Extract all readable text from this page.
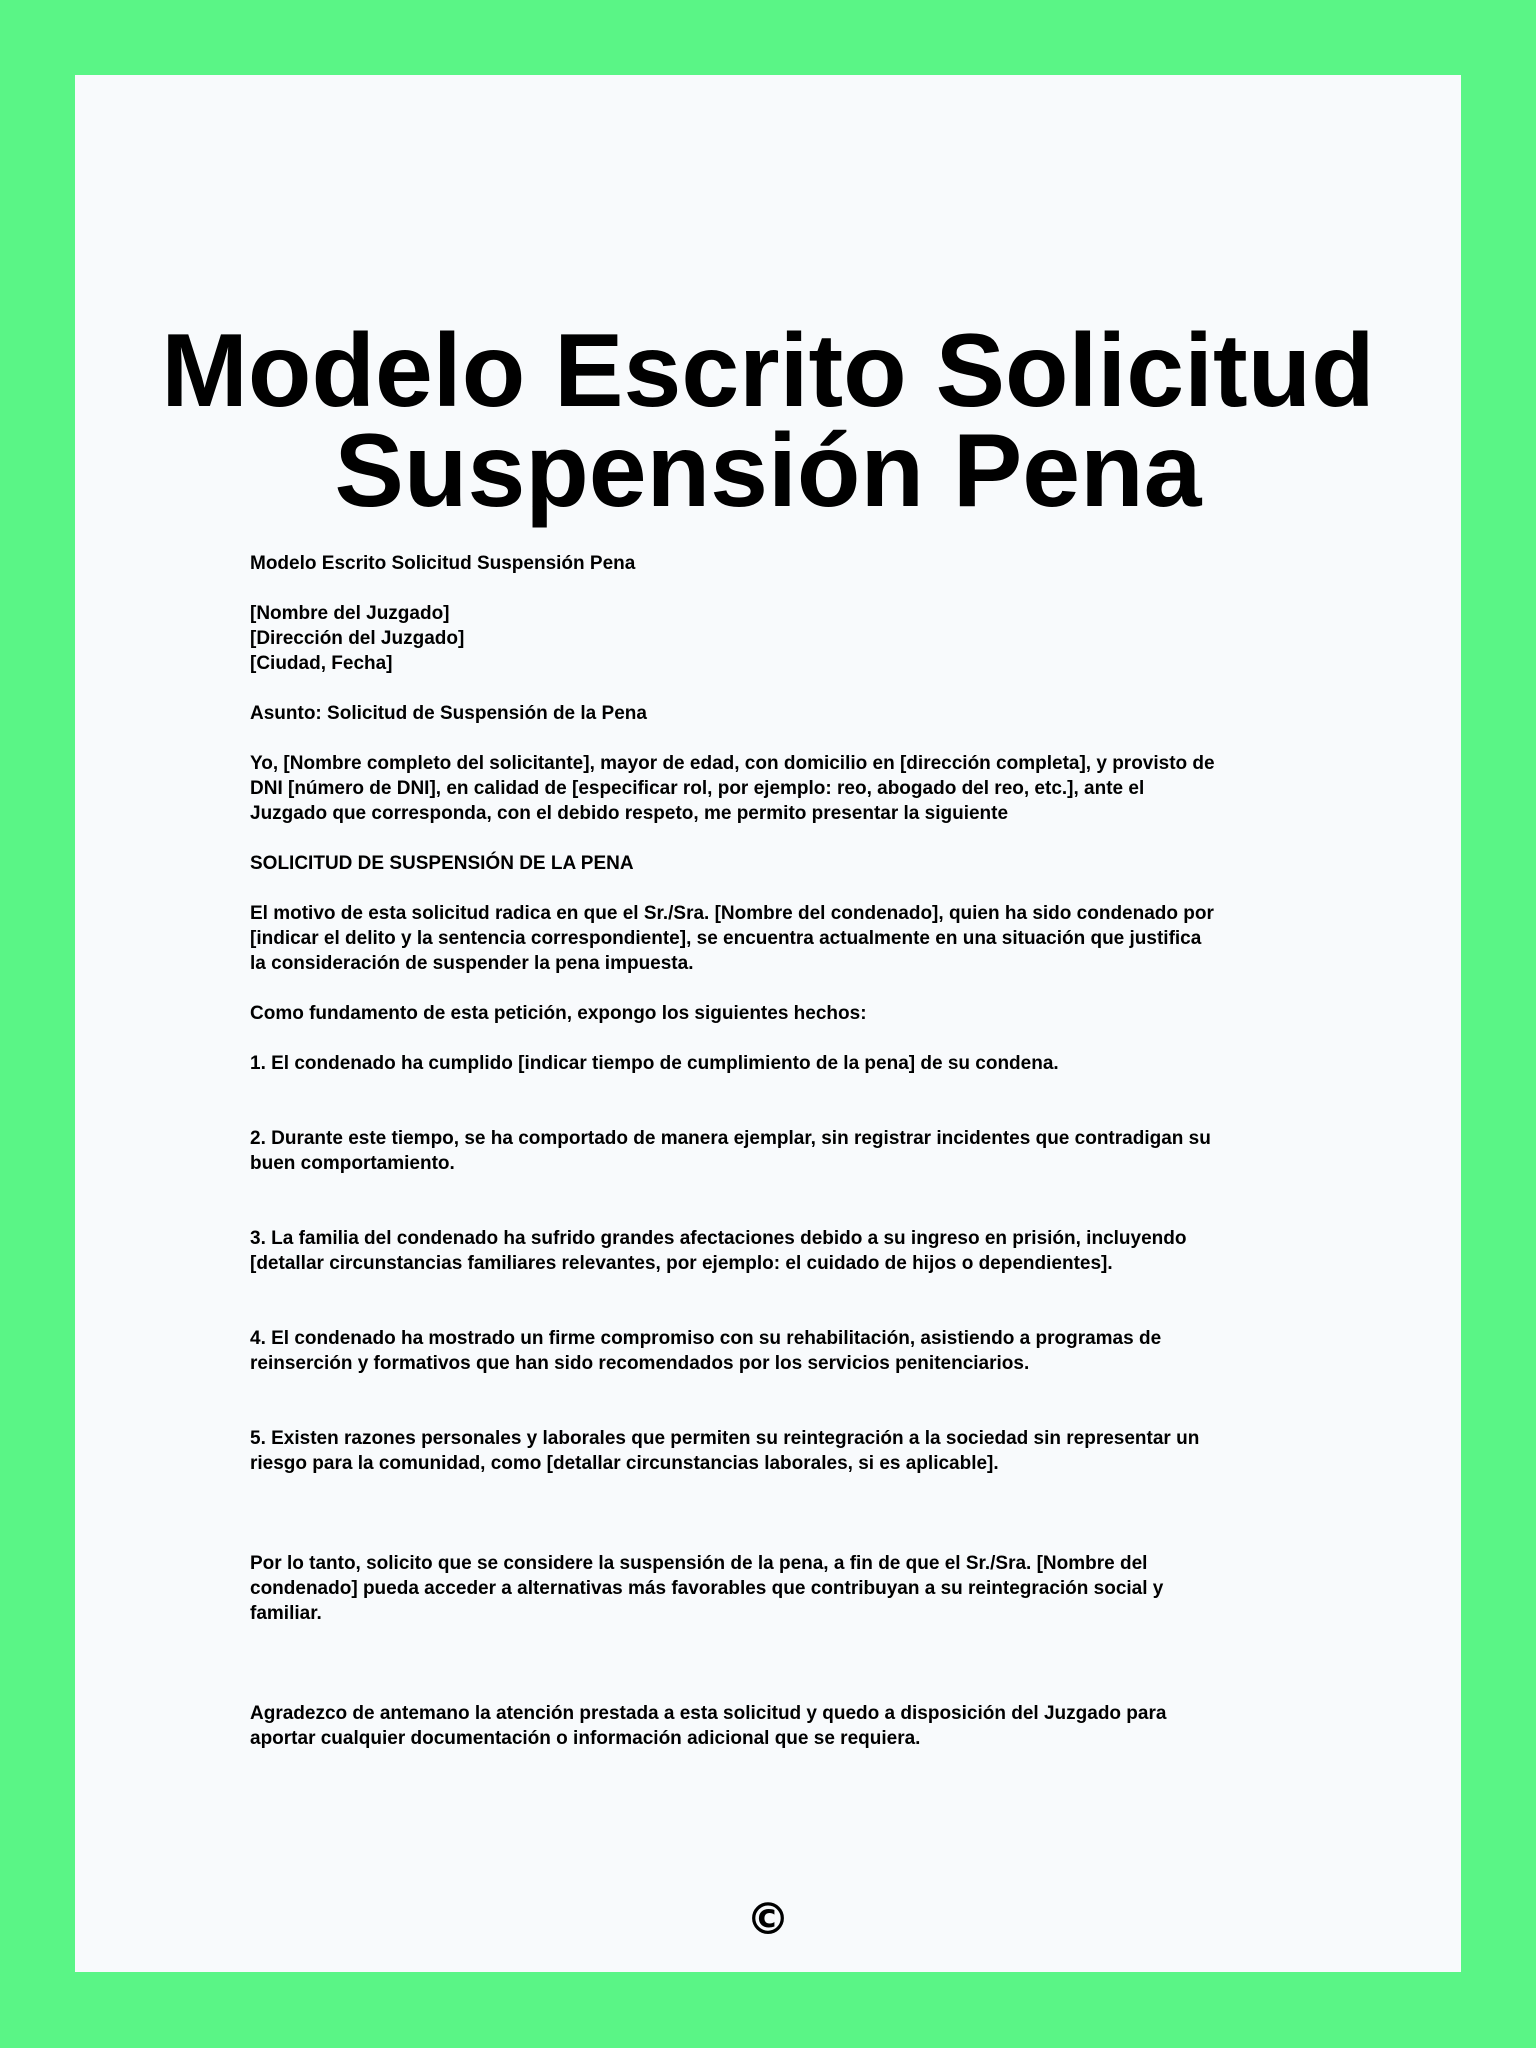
Modelo Escrito Solicitud
Suspensión Pena

Modelo Escrito Solicitud Suspensión Pena

[Nombre del Juzgado]

[Dirección del Juzgado]

[Ciudad, Fecha]

Asunto: Solicitud de Suspensión de la Pena

Yo, [Nombre completo del solicitante], mayor de edad, con domicilio en [dirección completa], y provisto de
DNI [número de DNI], en calidad de [especificar rol, por ejemplo: reo, abogado del reo, etc.], ante el
Juzgado que corresponda, con el debido respeto, me permito presentar la siguiente

SOLICITUD DE SUSPENSIÓN DE LA PENA

El motivo de esta solicitud radica en que el Sr./Sra. [Nombre del condenado], quien ha sido condenado por
[indicar el delito y la sentencia correspondiente], se encuentra actualmente en una situación que justifica
la consideración de suspender la pena impuesta.

Como fundamento de esta petición, expongo los siguientes hechos:

1. El condenado ha cumplido [indicar tiempo de cumplimiento de la pena] de su condena.

2. Durante este tiempo, se ha comportado de manera ejemplar, sin registrar incidentes que contradigan su
buen comportamiento.

3. La familia del condenado ha sufrido grandes afectaciones debido a su ingreso en prisión, incluyendo
[detallar circunstancias familiares relevantes, por ejemplo: el cuidado de hijos o dependientes].

4. El condenado ha mostrado un firme compromiso con su rehabilitación, asistiendo a programas de
reinserción y formativos que han sido recomendados por los servicios penitenciarios.

5. Existen razones personales y laborales que permiten su reintegración a la sociedad sin representar un
riesgo para la comunidad, como [detallar circunstancias laborales, si es aplicable].

Por lo tanto, solicito que se considere la suspensión de la pena, a fin de que el Sr./Sra. [Nombre del
condenado] pueda acceder a alternativas más favorables que contribuyan a su reintegración social y
familiar.

Agradezco de antemano la atención prestada a esta solicitud y quedo a disposición del Juzgado para
aportar cualquier documentación o información adicional que se requiera.

©
